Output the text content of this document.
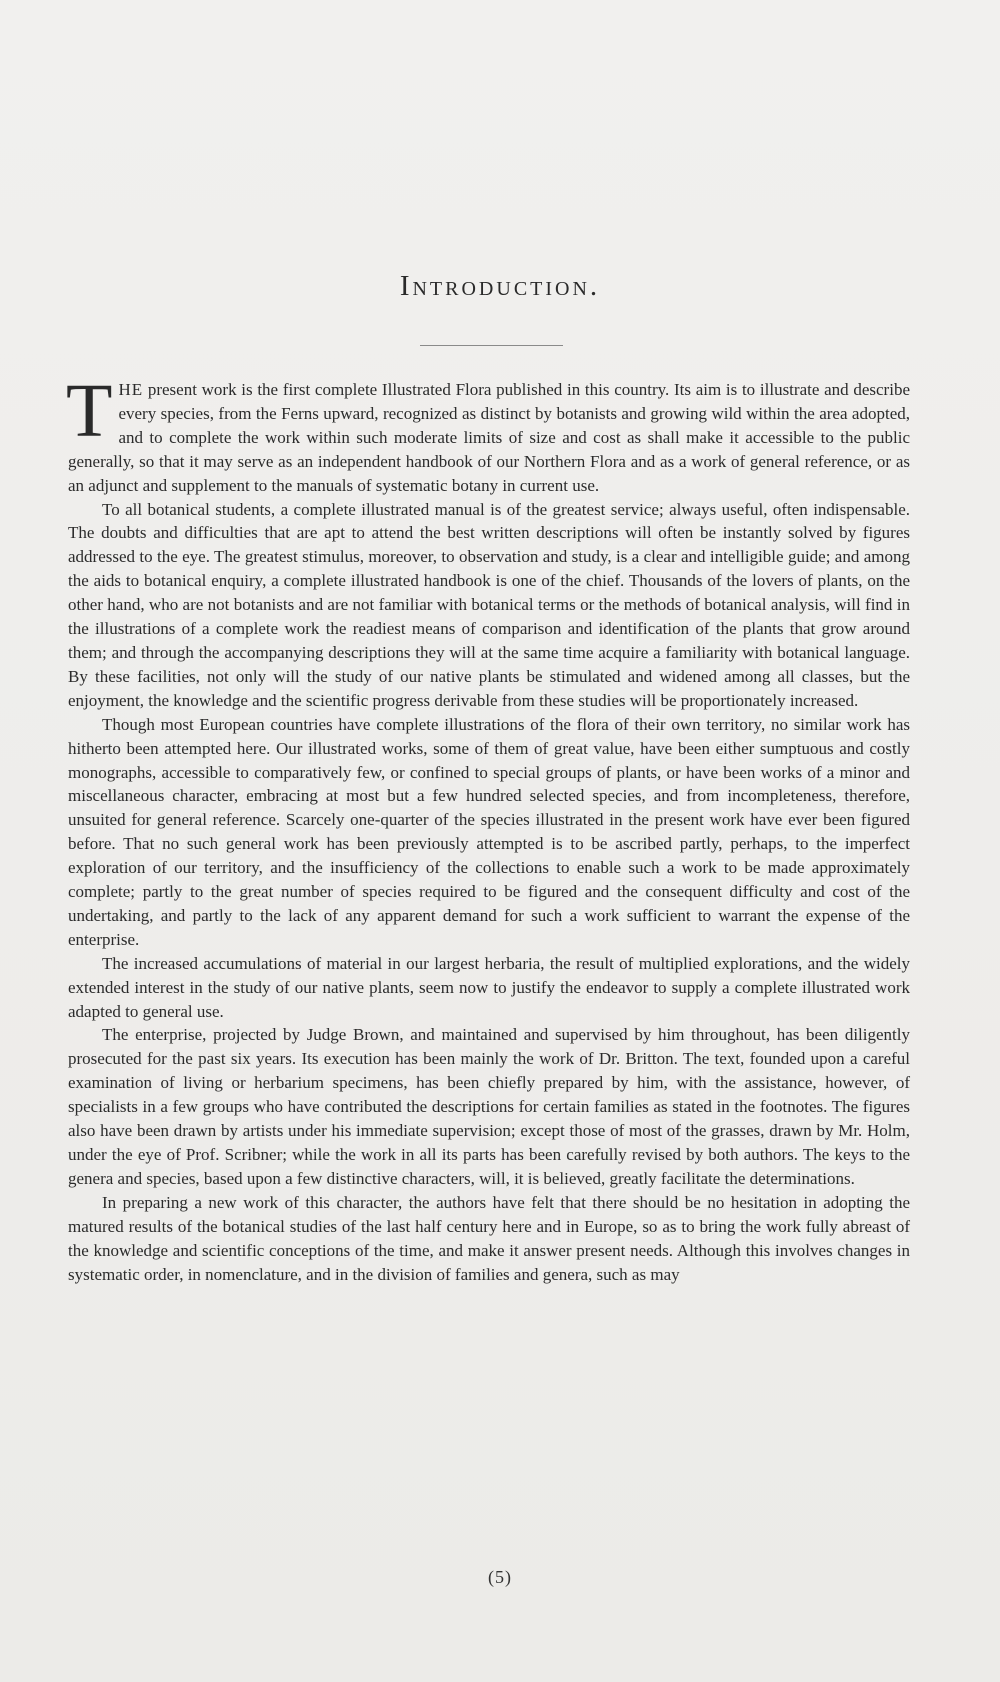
Introduction.

THE present work is the first complete Illustrated Flora published in this country. Its aim is to illustrate and describe every species, from the Ferns upward, recognized as distinct by botanists and growing wild within the area adopted, and to complete the work within such moderate limits of size and cost as shall make it accessible to the public generally, so that it may serve as an independent handbook of our Northern Flora and as a work of general reference, or as an adjunct and supplement to the manuals of systematic botany in current use.

To all botanical students, a complete illustrated manual is of the greatest service; always useful, often indispensable. The doubts and difficulties that are apt to attend the best written descriptions will often be instantly solved by figures addressed to the eye. The greatest stimulus, moreover, to observation and study, is a clear and intelligible guide; and among the aids to botanical enquiry, a complete illustrated handbook is one of the chief. Thousands of the lovers of plants, on the other hand, who are not botanists and are not familiar with botanical terms or the methods of botanical analysis, will find in the illustrations of a complete work the readiest means of comparison and identification of the plants that grow around them; and through the accompanying descriptions they will at the same time acquire a familiarity with botanical language. By these facilities, not only will the study of our native plants be stimulated and widened among all classes, but the enjoyment, the knowledge and the scientific progress derivable from these studies will be proportionately increased.

Though most European countries have complete illustrations of the flora of their own territory, no similar work has hitherto been attempted here. Our illustrated works, some of them of great value, have been either sumptuous and costly monographs, accessible to comparatively few, or confined to special groups of plants, or have been works of a minor and miscellaneous character, embracing at most but a few hundred selected species, and from incompleteness, therefore, unsuited for general reference. Scarcely one-quarter of the species illustrated in the present work have ever been figured before. That no such general work has been previously attempted is to be ascribed partly, perhaps, to the imperfect exploration of our territory, and the insufficiency of the collections to enable such a work to be made approximately complete; partly to the great number of species required to be figured and the consequent difficulty and cost of the undertaking, and partly to the lack of any apparent demand for such a work sufficient to warrant the expense of the enterprise.

The increased accumulations of material in our largest herbaria, the result of multiplied explorations, and the widely extended interest in the study of our native plants, seem now to justify the endeavor to supply a complete illustrated work adapted to general use.

The enterprise, projected by Judge Brown, and maintained and supervised by him throughout, has been diligently prosecuted for the past six years. Its execution has been mainly the work of Dr. Britton. The text, founded upon a careful examination of living or herbarium specimens, has been chiefly prepared by him, with the assistance, however, of specialists in a few groups who have contributed the descriptions for certain families as stated in the footnotes. The figures also have been drawn by artists under his immediate supervision; except those of most of the grasses, drawn by Mr. Holm, under the eye of Prof. Scribner; while the work in all its parts has been carefully revised by both authors. The keys to the genera and species, based upon a few distinctive characters, will, it is believed, greatly facilitate the determinations.

In preparing a new work of this character, the authors have felt that there should be no hesitation in adopting the matured results of the botanical studies of the last half century here and in Europe, so as to bring the work fully abreast of the knowledge and scientific conceptions of the time, and make it answer present needs. Although this involves changes in systematic order, in nomenclature, and in the division of families and genera, such as may

(5)
